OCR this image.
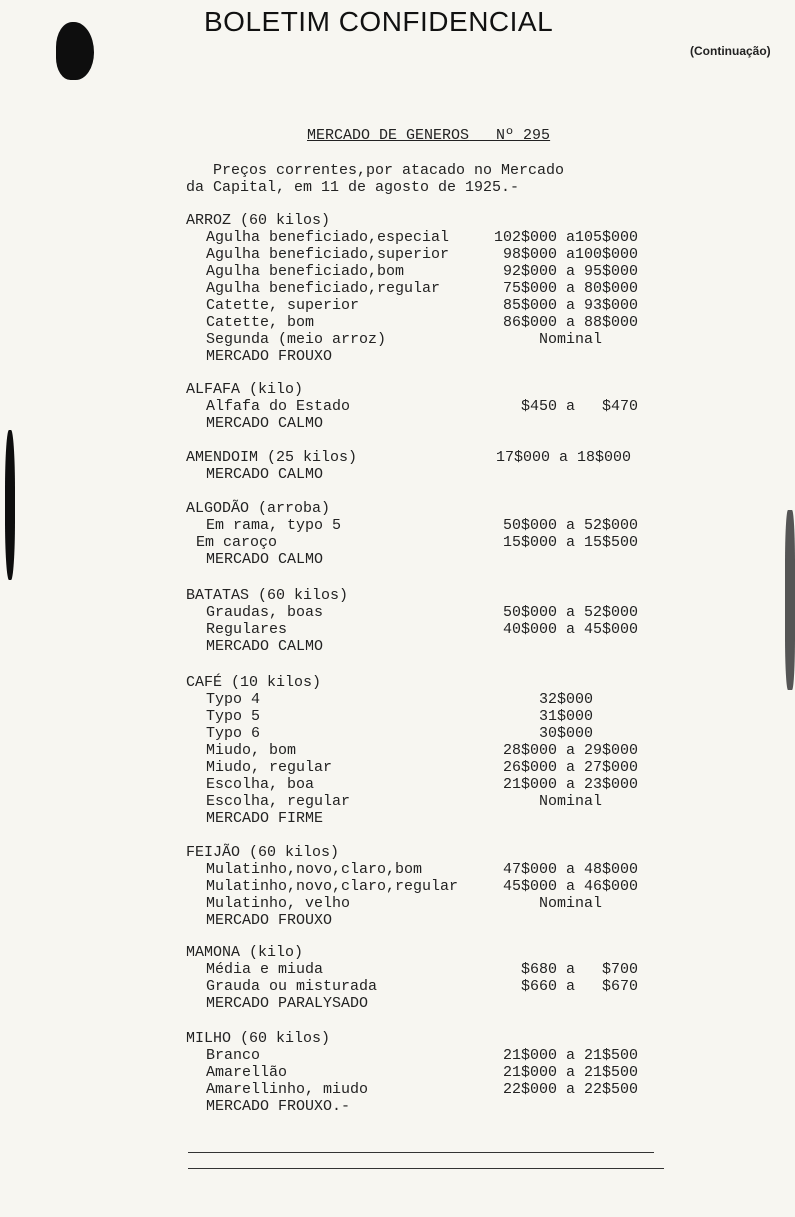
BOLETIM CONFIDENCIAL
(Continuação)
MERCADO DE GENEROS Nº 295
Preços correntes,por atacado no Mercado
da Capital, em 11 de agosto de 1925.-
ARROZ (60 kilos)
Agulha beneficiado,especial	102$000 a105$000
Agulha beneficiado,superior	98$000 a100$000
Agulha beneficiado,bom	92$000 a 95$000
Agulha beneficiado,regular	75$000 a 80$000
Catette, superior	85$000 a 93$000
Catette, bom	86$000 a 88$000
Segunda (meio arroz)	Nominal
MERCADO FROUXO
ALFAFA (kilo)
Alfafa do Estado	$450 a   $470
MERCADO CALMO
AMENDOIM (25 kilos)	17$000 a 18$000
MERCADO CALMO
ALGODÃO (arroba)
Em rama, typo 5	50$000 a 52$000
Em caroço	15$000 a 15$500
MERCADO CALMO
BATATAS (60 kilos)
Graudas, boas	50$000 a 52$000
Regulares	40$000 a 45$000
MERCADO CALMO
CAFÉ (10 kilos)
Typo 4	32$000
Typo 5	31$000
Typo 6	30$000
Miudo, bom	28$000 a 29$000
Miudo, regular	26$000 a 27$000
Escolha, boa	21$000 a 23$000
Escolha, regular	Nominal
MERCADO FIRME
FEIJÃO (60 kilos)
Mulatinho,novo,claro,bom	47$000 a 48$000
Mulatinho,novo,claro,regular 45$000 a 46$000
Mulatinho, velho	Nominal
MERCADO FROUXO
MAMONA (kilo)
Média e miuda	$680 a   $700
Grauda ou misturada	$660 a   $670
MERCADO PARALYSADO
MILHO (60 kilos)
Branco	21$000 a 21$500
Amarellão	21$000 a 21$500
Amarellinho, miudo	22$000 a 22$500
MERCADO FROUXO.-
